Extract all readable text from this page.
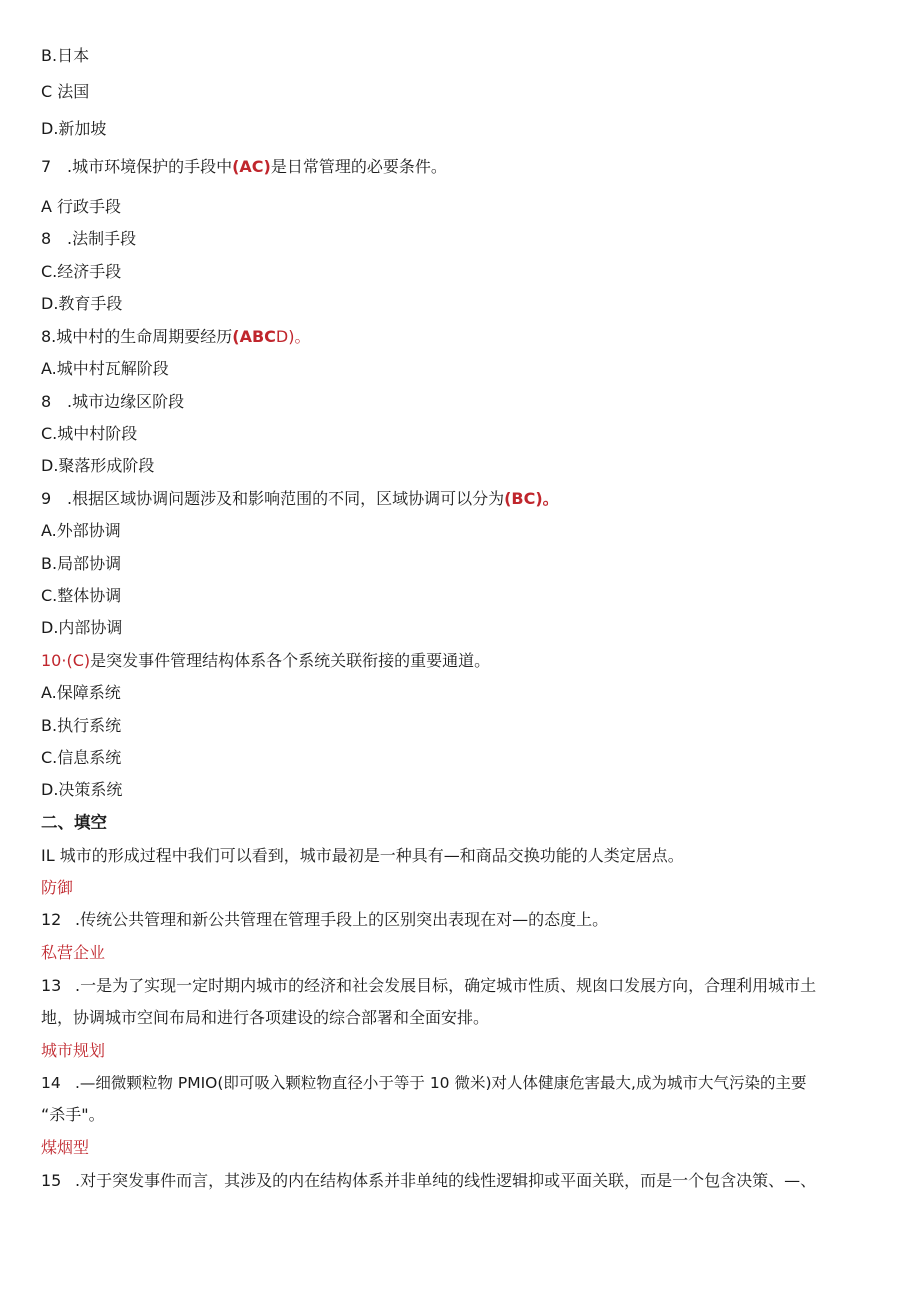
B.日本
C 法国
D.新加坡
7 .城市环境保护的手段中(AC)是日常管理的必要条件。
A 行政手段
8 .法制手段
C.经济手段
D.教育手段
8.城中村的生命周期要经历(ABCD)。
A.城中村瓦解阶段
8 .城市边缘区阶段
C.城中村阶段
D.聚落形成阶段
9 .根据区域协调问题涉及和影响范围的不同，区域协调可以分为(BC)。
A.外部协调
B.局部协调
C.整体协调
D.内部协调
10·(C)是突发事件管理结构体系各个系统关联衔接的重要通道。
A.保障系统
B.执行系统
C.信息系统
D.决策系统
二、填空
IL 城市的形成过程中我们可以看到，城市最初是一种具有—和商品交换功能的人类定居点。
防御
12 .传统公共管理和新公共管理在管理手段上的区别突出表现在对—的态度上。
私营企业
13 .一是为了实现一定时期内城市的经济和社会发展目标，确定城市性质、规囱口发展方向，合理利用城市土
地，协调城市空间布局和进行各项建设的综合部署和全面安排。
城市规划
14 .—细微颗粒物 PMIO(即可吸入颗粒物直径小于等于 10 微米)对人体健康危害最大,成为城市大气污染的主要
“杀手"。
煤烟型
15 .对于突发事件而言，其涉及的内在结构体系并非单纯的线性逻辑抑或平面关联，而是一个包含决策、—、
